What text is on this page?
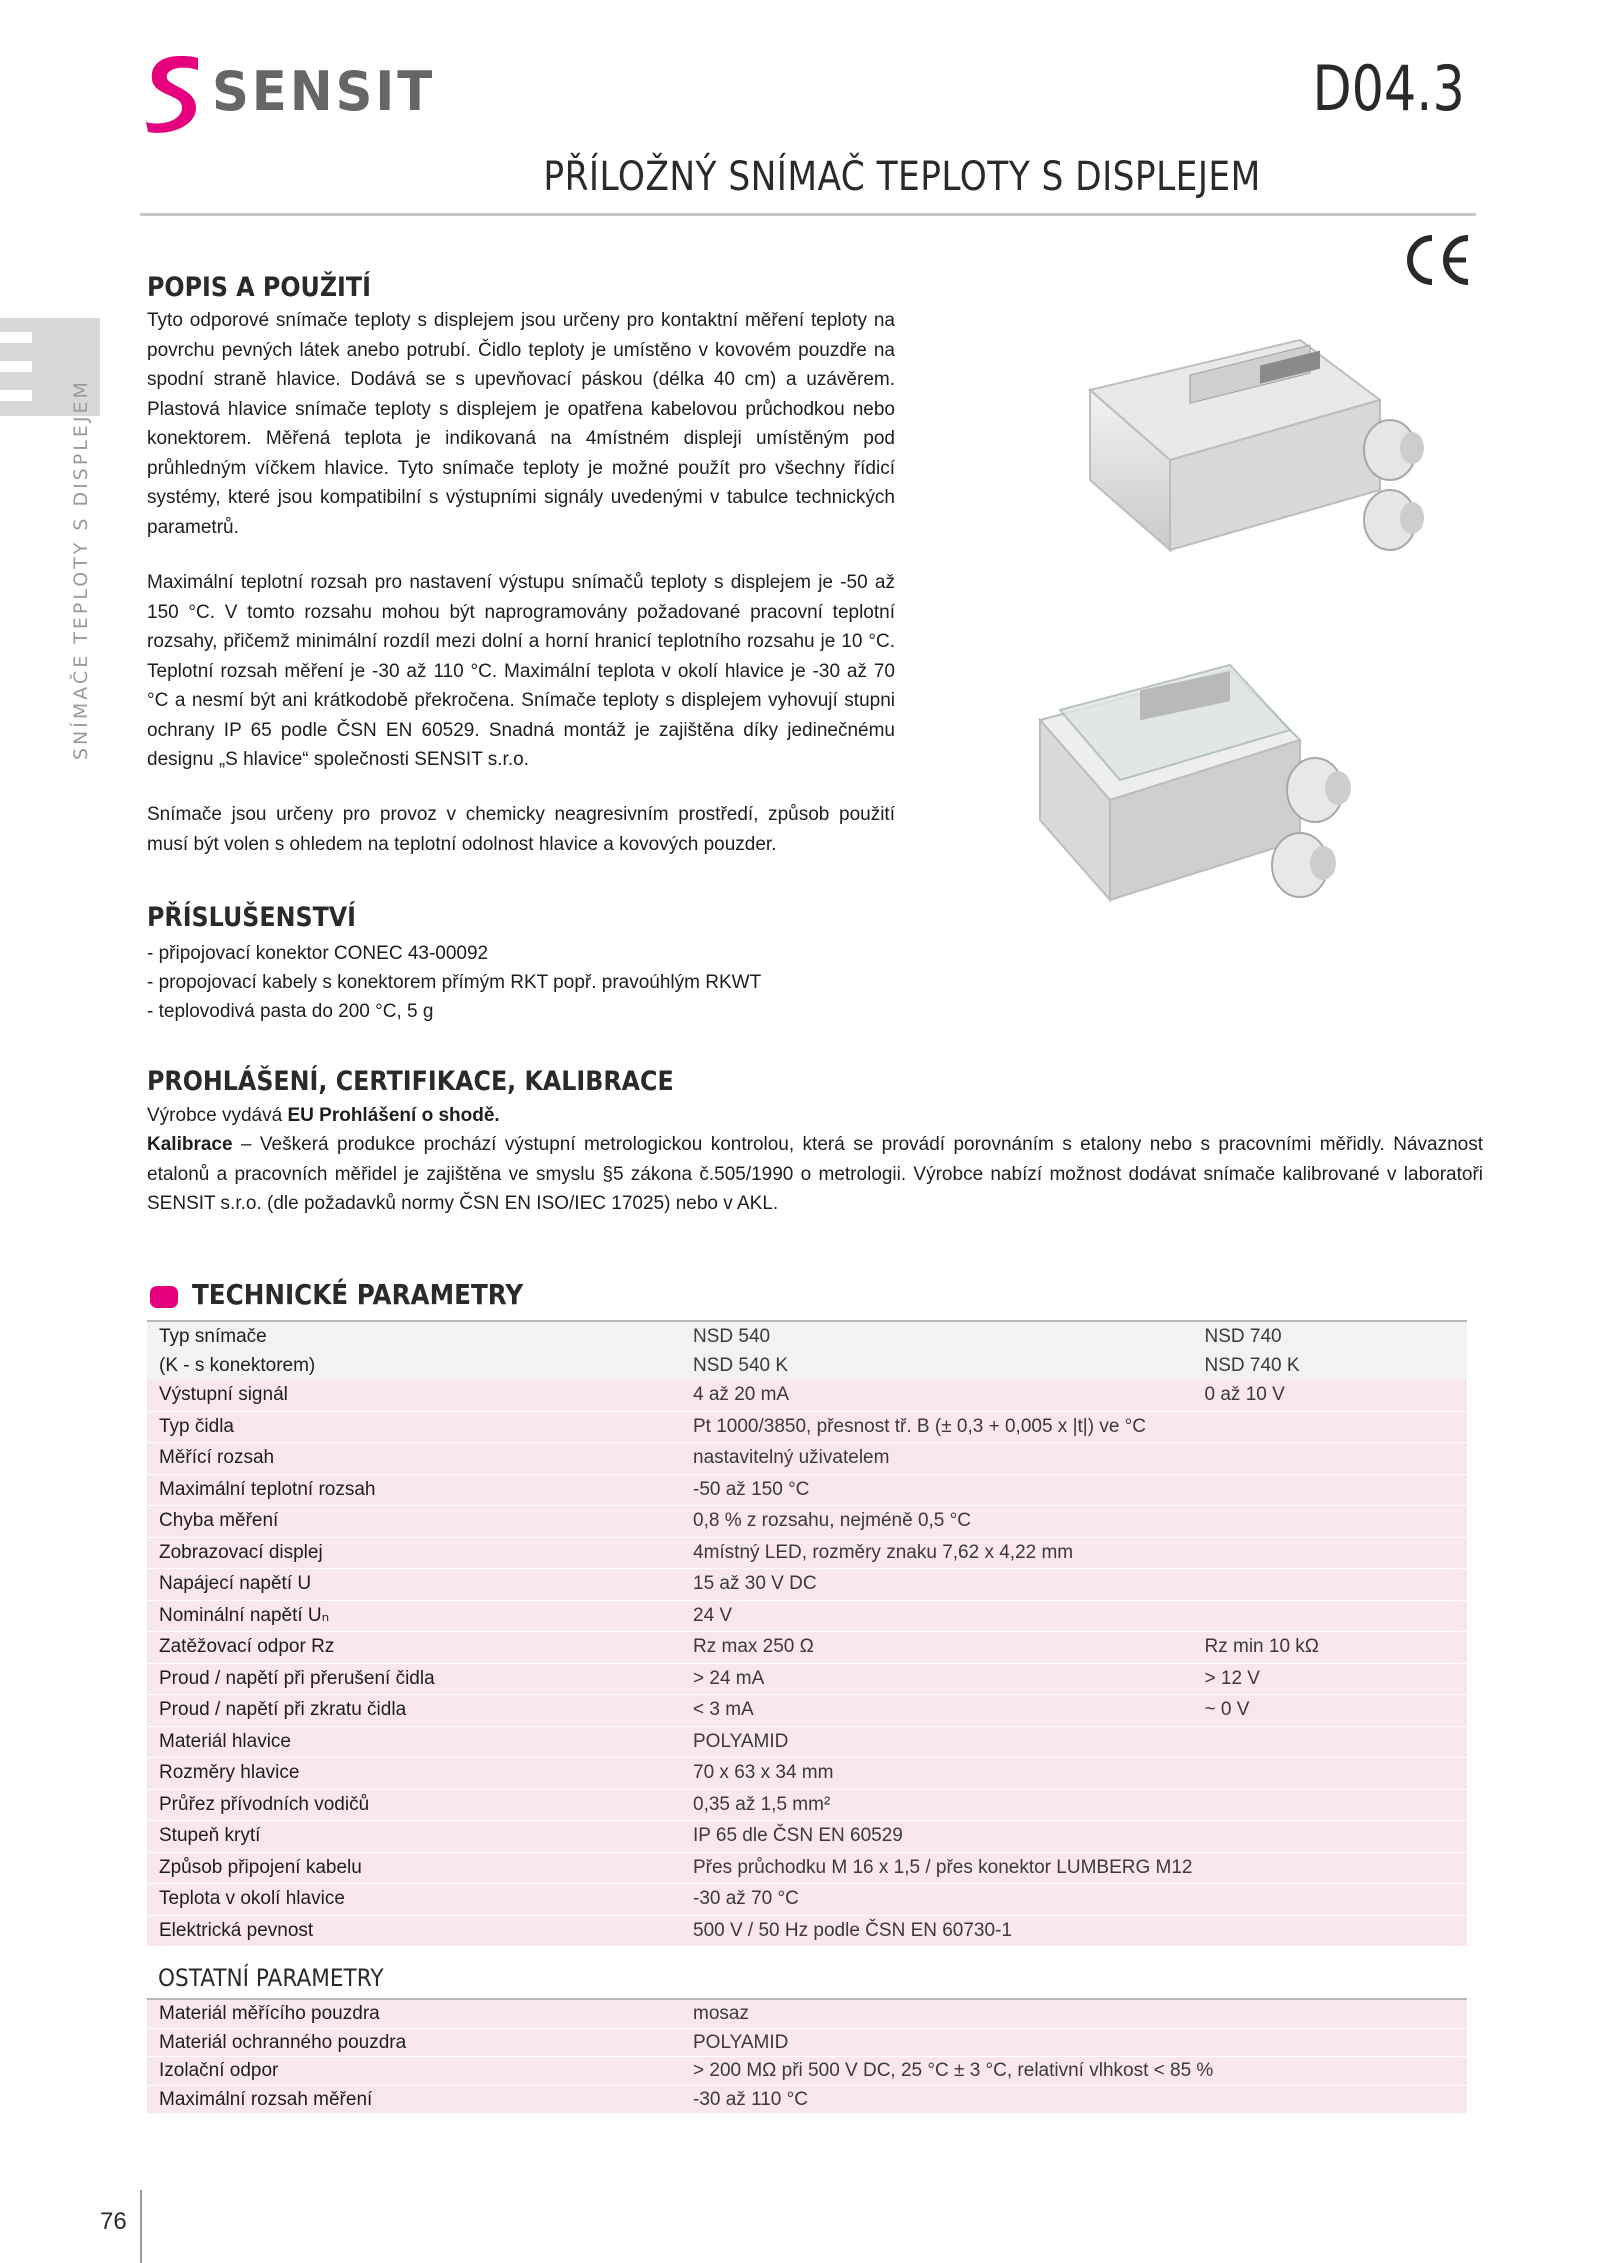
SENSIT	D04.3
PŘÍLOŽNÝ SNÍMAČ TEPLOTY S DISPLEJEM
SNÍMAČE TEPLOTY S DISPLEJEM
76
POPIS A POUŽITÍ
Tyto odporové snímače teploty s displejem jsou určeny pro kontaktní měření teploty na povrchu pevných látek anebo potrubí. Čidlo teploty je umístěno v kovovém pouzdře na spodní straně hlavice. Dodává se s upevňovací páskou (délka 40 cm) a uzávěrem. Plastová hlavice snímače teploty s displejem je opatřena kabelovou průchodkou nebo konektorem. Měřená teplota je indikovaná na 4místném displeji umístěným pod průhledným víčkem hlavice. Tyto snímače teploty je možné použít pro všechny řídicí systémy, které jsou kompatibilní s výstupními signály uvedenými v tabulce technických parametrů.
Maximální teplotní rozsah pro nastavení výstupu snímačů teploty s displejem je -50 až 150 °C. V tomto rozsahu mohou být naprogramovány požadované pracovní teplotní rozsahy, přičemž minimální rozdíl mezi dolní a horní hranicí teplotního rozsahu je 10 °C. Teplotní rozsah měření je -30 až 110 °C. Maximální teplota v okolí hlavice je -30 až 70 °C a nesmí být ani krátkodobě překročena. Snímače teploty s displejem vyhovují stupni ochrany IP 65 podle ČSN EN 60529. Snadná montáž je zajištěna díky jedinečnému designu „S hlavice“ společnosti SENSIT s.r.o.
Snímače jsou určeny pro provoz v chemicky neagresivním prostředí, způsob použití musí být volen s ohledem na teplotní odolnost hlavice a kovových pouzder.
PŘÍSLUŠENSTVÍ
- připojovací konektor CONEC 43-00092
- propojovací kabely s konektorem přímým RKT popř. pravoúhlým RKWT
- teplovodivá pasta do 200 °C, 5 g
PROHLÁŠENÍ, CERTIFIKACE, KALIBRACE
Výrobce vydává EU Prohlášení o shodě.
Kalibrace – Veškerá produkce prochází výstupní metrologickou kontrolou, která se provádí porovnáním s etalony nebo s pracovními měřidly. Návaznost etalonů a pracovních měřidel je zajištěna ve smyslu §5 zákona č.505/1990 o metrologii. Výrobce nabízí možnost dodávat snímače kalibrované v laboratoři SENSIT s.r.o. (dle požadavků normy ČSN EN ISO/IEC 17025) nebo v AKL.
TECHNICKÉ PARAMETRY
Typ snímače	NSD 540	NSD 740
(K - s konektorem)	NSD 540 K	NSD 740 K
Výstupní signál	4 až 20 mA	0 až 10 V
Typ čidla	Pt 1000/3850, přesnost tř. B (± 0,3 + 0,005 x |t|) ve °C	
Měřící rozsah	nastavitelný uživatelem	
Maximální teplotní rozsah	-50 až 150 °C	
Chyba měření	0,8 % z rozsahu, nejméně 0,5 °C	
Zobrazovací displej	4místný LED, rozměry znaku 7,62 x 4,22 mm	
Napájecí napětí U	15 až 30 V DC	
Nominální napětí Uₙ	24 V	
Zatěžovací odpor Rz	Rz max 250 Ω	Rz min 10 kΩ
Proud / napětí při přerušení čidla	> 24 mA	> 12 V
Proud / napětí při zkratu čidla	< 3 mA	~ 0 V
Materiál hlavice	POLYAMID	
Rozměry hlavice	70 x 63 x 34 mm	
Průřez přívodních vodičů	0,35 až 1,5 mm²	
Stupeň krytí	IP 65 dle ČSN EN 60529	
Způsob připojení kabelu	Přes průchodku M 16 x 1,5 / přes konektor LUMBERG M12	
Teplota v okolí hlavice	-30 až 70 °C	
Elektrická pevnost	500 V / 50 Hz podle ČSN EN 60730-1	
OSTATNÍ PARAMETRY
Materiál měřícího pouzdra	mosaz
Materiál ochranného pouzdra	POLYAMID
Izolační odpor	> 200 MΩ při 500 V DC, 25 °C ± 3 °C, relativní vlhkost < 85 %
Maximální rozsah měření	-30 až 110 °C
